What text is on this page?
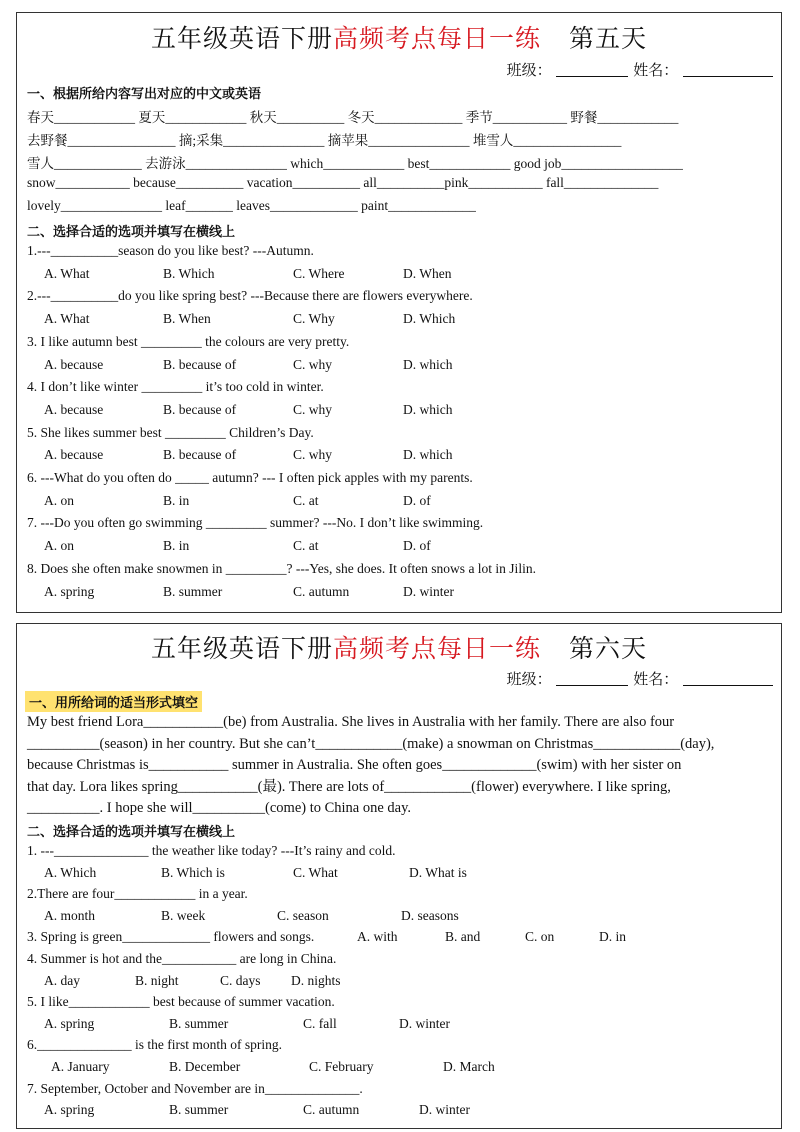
五年级英语下册高频考点每日一练 第五天
班级：	姓名：
一、根据所给内容写出对应的中文或英语
春天____________ 夏天____________ 秋天__________ 冬天_____________ 季节___________ 野餐____________
去野餐________________ 摘;采集_______________ 摘苹果_______________ 堆雪人________________
雪人_____________ 去游泳_______________ which____________ best____________ good job__________________
snow___________ because__________ vacation__________ all__________pink___________ fall______________
lovely_______________ leaf_______ leaves_____________ paint_____________
二、选择合适的选项并填写在横线上
1.---__________season do you like best? ---Autumn.
A. What	B. Which	C. Where	D. When
2.---__________do you like spring best? ---Because there are flowers everywhere.
A. What	B. When	C. Why	D. Which
3. I like autumn best _________ the colours are very pretty.
A. because	B. because of	C. why	D. which
4. I don’t like winter _________ it’s too cold in winter.
A. because	B. because of	C. why	D. which
5. She likes summer best _________ Children’s Day.
A. because	B. because of	C. why	D. which
6. ---What do you often do _____ autumn? --- I often pick apples with my parents.
A. on	B. in	C. at	D. of
7. ---Do you often go swimming _________ summer? ---No. I don’t like swimming.
A. on	B. in	C. at	D. of
8. Does she often make snowmen in _________? ---Yes, she does. It often snows a lot in Jilin.
A. spring	B. summer	C. autumn	D. winter
五年级英语下册高频考点每日一练 第六天
班级：	姓名：
一、用所给词的适当形式填空
My best friend Lora___________(be) from Australia. She lives in Australia with her family. There are also four
__________(season) in her country. But she can’t____________(make) a snowman on Christmas____________(day),
because Christmas is___________ summer in Australia. She often goes_____________(swim) with her sister on
that day. Lora likes spring___________(最). There are lots of____________(flower) everywhere. I like spring,
__________. I hope she will__________(come) to China one day.
二、选择合适的选项并填写在横线上
1. ---______________ the weather like today? ---It’s rainy and cold.
A. Which	B. Which is	C. What	D. What is
2.There are four____________ in a year.
A. month	B. week	C. season	D. seasons
3. Spring is green_____________ flowers and songs.	A. with	B. and	C. on	D. in
4. Summer is hot and the___________ are long in China.
A. day	B. night	C. days D. nights
5. I like____________ best because of summer vacation.
A. spring	B. summer	C. fall	D. winter
6.______________ is the first month of spring.
A. January	B. December	C. February	D. March
7. September, October and November are in______________.
A. spring	B. summer	C. autumn	D. winter
